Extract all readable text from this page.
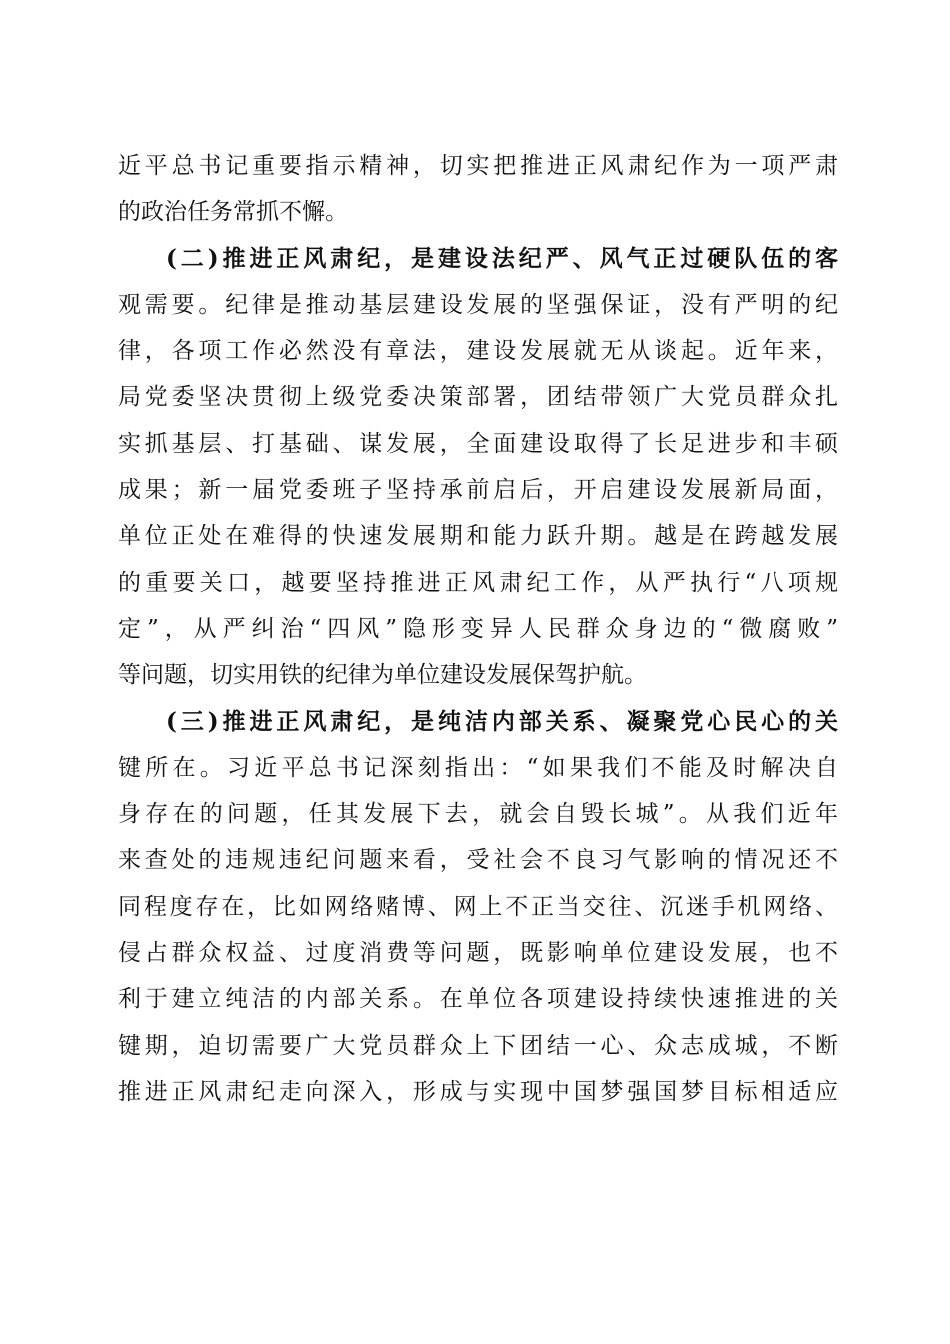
近平总书记重要指示精神，切实把推进正风肃纪作为一项严肃
的政治任务常抓不懈。
(二)推进正风肃纪，是建设法纪严、风气正过硬队伍的客
观需要。纪律是推动基层建设发展的坚强保证，没有严明的纪
律，各项工作必然没有章法，建设发展就无从谈起。近年来，
局党委坚决贯彻上级党委决策部署，团结带领广大党员群众扎
实抓基层、打基础、谋发展，全面建设取得了长足进步和丰硕
成果；新一届党委班子坚持承前启后，开启建设发展新局面，
单位正处在难得的快速发展期和能力跃升期。越是在跨越发展
的重要关口，越要坚持推进正风肃纪工作，从严执行“八项规
定”，从严纠治“四风”隐形变异人民群众身边的“微腐败”
等问题，切实用铁的纪律为单位建设发展保驾护航。
(三)推进正风肃纪，是纯洁内部关系、凝聚党心民心的关
键所在。习近平总书记深刻指出：“如果我们不能及时解决自
身存在的问题，任其发展下去，就会自毁长城”。从我们近年
来查处的违规违纪问题来看，受社会不良习气影响的情况还不
同程度存在，比如网络赌博、网上不正当交往、沉迷手机网络、
侵占群众权益、过度消费等问题，既影响单位建设发展，也不
利于建立纯洁的内部关系。在单位各项建设持续快速推进的关
键期，迫切需要广大党员群众上下团结一心、众志成城，不断
推进正风肃纪走向深入，形成与实现中国梦强国梦目标相适应
